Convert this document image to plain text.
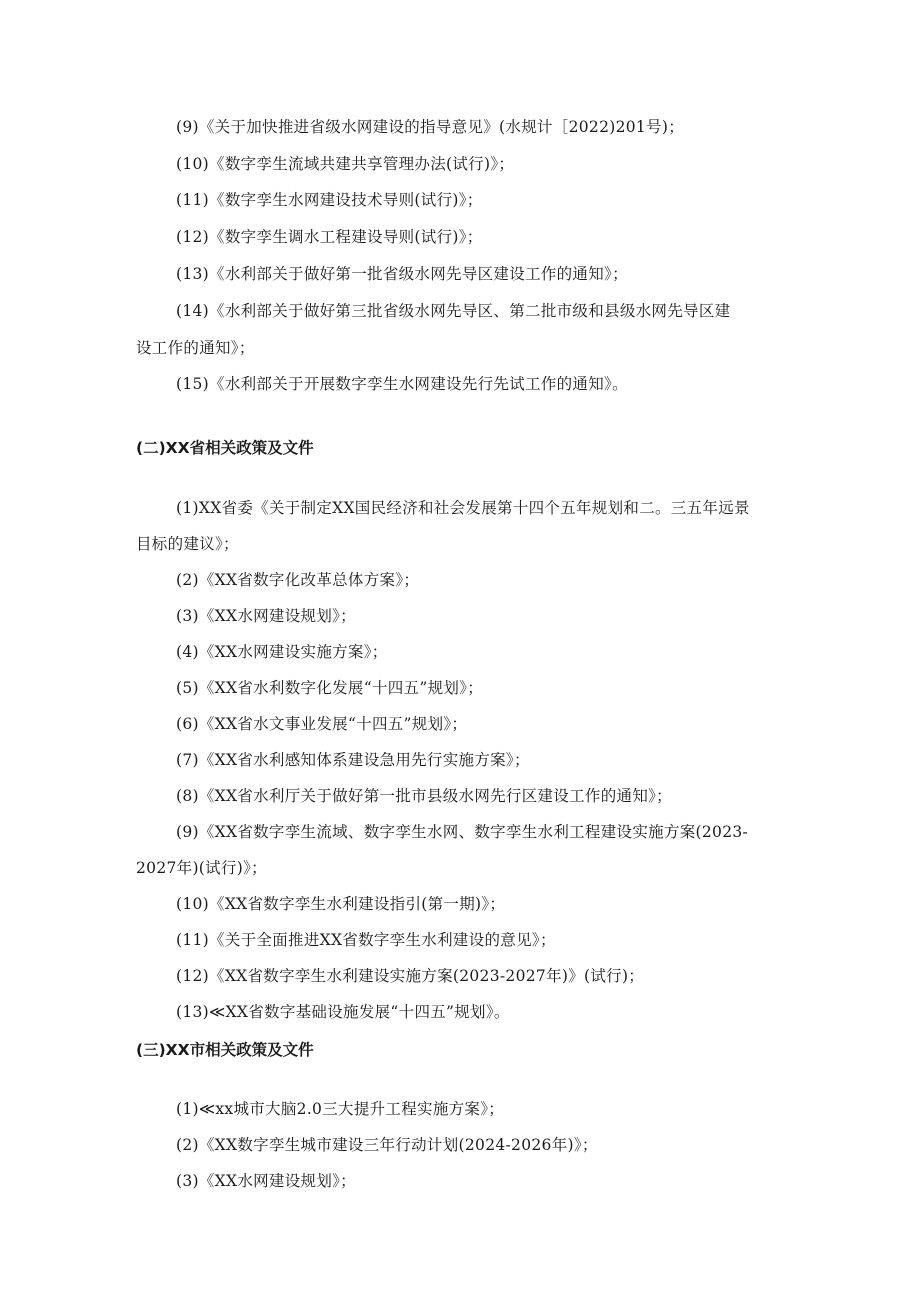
(9)《关于加快推进省级水网建设的指导意见》(水规计［2022)201号)；
(10)《数字孪生流域共建共享管理办法(试行)》；
(11)《数字孪生水网建设技术导则(试行)》；
(12)《数字孪生调水工程建设导则(试行)》；
(13)《水利部关于做好第一批省级水网先导区建设工作的通知》；
(14)《水利部关于做好第三批省级水网先导区、第二批市级和县级水网先导区建
设工作的通知》；
(15)《水利部关于开展数字孪生水网建设先行先试工作的通知》。
(二)XX省相关政策及文件
(1)XX省委《关于制定XX国民经济和社会发展第十四个五年规划和二。三五年远景
目标的建议》；
(2)《XX省数字化改革总体方案》；
(3)《XX水网建设规划》；
(4)《XX水网建设实施方案》；
(5)《XX省水利数字化发展“十四五”规划》；
(6)《XX省水文事业发展“十四五”规划》；
(7)《XX省水利感知体系建设急用先行实施方案》；
(8)《XX省水利厅关于做好第一批市县级水网先行区建设工作的通知》；
(9)《XX省数字孪生流域、数字孪生水网、数字孪生水利工程建设实施方案(2023-
2027年)(试行)》；
(10)《XX省数字孪生水利建设指引(第一期)》；
(11)《关于全面推进XX省数字孪生水利建设的意见》；
(12)《XX省数字孪生水利建设实施方案(2023-2027年)》(试行)；
(13)≪XX省数字基础设施发展“十四五”规划》。
(三)XX市相关政策及文件
(1)≪xx城市大脑2.0三大提升工程实施方案》；
(2)《XX数字孪生城市建设三年行动计划(2024-2026年)》；
(3)《XX水网建设规划》；
